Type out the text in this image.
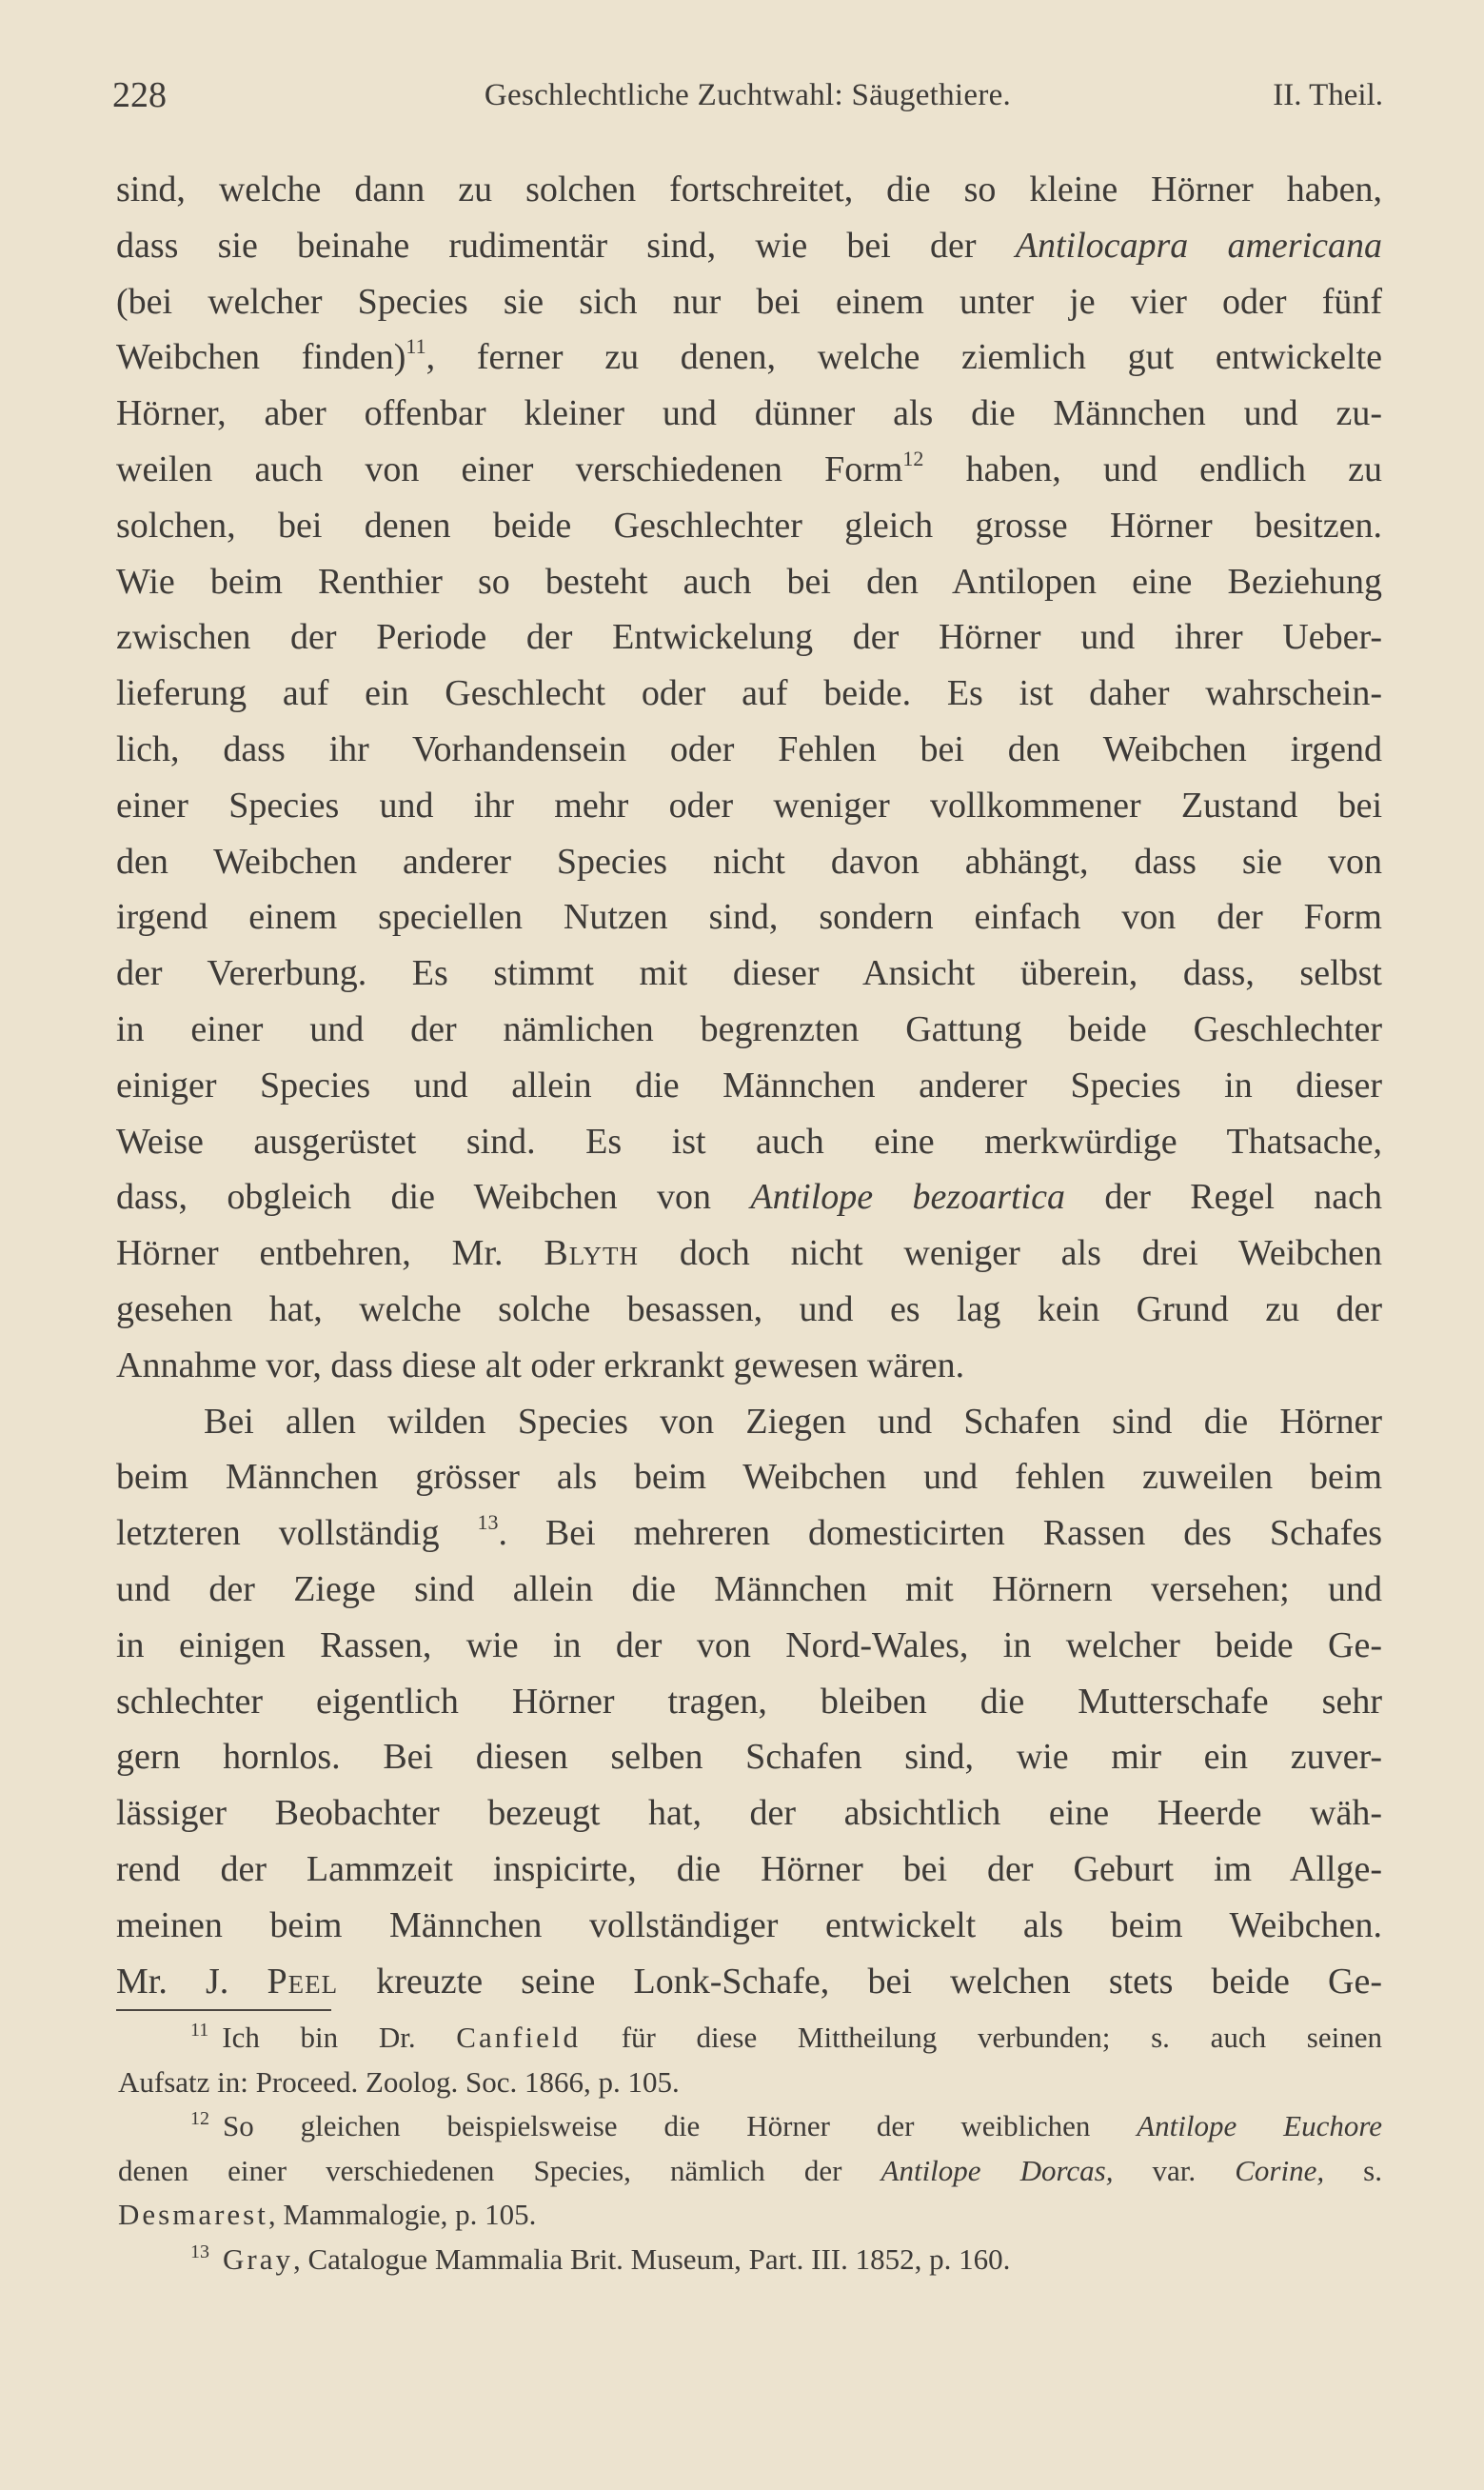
228	Geschlechtliche Zuchtwahl: Säugethiere.	II. Theil.
sind, welche dann zu solchen fortschreitet, die so kleine Hörner haben,
dass sie beinahe rudimentär sind, wie bei der Antilocapra americana
(bei welcher Species sie sich nur bei einem unter je vier oder fünf
Weibchen finden)$^{11}$, ferner zu denen, welche ziemlich gut entwickelte
Hörner, aber offenbar kleiner und dünner als die Männchen und zu-
weilen auch von einer verschiedenen Form$^{12}$ haben, und endlich zu
solchen, bei denen beide Geschlechter gleich grosse Hörner besitzen.
Wie beim Renthier so besteht auch bei den Antilopen eine Beziehung
zwischen der Periode der Entwickelung der Hörner und ihrer Ueber-
lieferung auf ein Geschlecht oder auf beide. Es ist daher wahrschein-
lich, dass ihr Vorhandensein oder Fehlen bei den Weibchen irgend
einer Species und ihr mehr oder weniger vollkommener Zustand bei
den Weibchen anderer Species nicht davon abhängt, dass sie von
irgend einem speciellen Nutzen sind, sondern einfach von der Form
der Vererbung. Es stimmt mit dieser Ansicht überein, dass, selbst
in einer und der nämlichen begrenzten Gattung beide Geschlechter
einiger Species und allein die Männchen anderer Species in dieser
Weise ausgerüstet sind. Es ist auch eine merkwürdige Thatsache,
dass, obgleich die Weibchen von Antilope bezoartica der Regel nach
Hörner entbehren, Mr. Blyth doch nicht weniger als drei Weibchen
gesehen hat, welche solche besassen, und es lag kein Grund zu der
Annahme vor, dass diese alt oder erkrankt gewesen wären.
Bei allen wilden Species von Ziegen und Schafen sind die Hörner
beim Männchen grösser als beim Weibchen und fehlen zuweilen beim
letzteren vollständig $^{13}$. Bei mehreren domesticirten Rassen des Schafes
und der Ziege sind allein die Männchen mit Hörnern versehen; und
in einigen Rassen, wie in der von Nord-Wales, in welcher beide Ge-
schlechter eigentlich Hörner tragen, bleiben die Mutterschafe sehr
gern hornlos. Bei diesen selben Schafen sind, wie mir ein zuver-
lässiger Beobachter bezeugt hat, der absichtlich eine Heerde wäh-
rend der Lammzeit inspicirte, die Hörner bei der Geburt im Allge-
meinen beim Männchen vollständiger entwickelt als beim Weibchen.
Mr. J. Peel kreuzte seine Lonk-Schafe, bei welchen stets beide Ge-
$^{11}$ Ich bin Dr. Canfield für diese Mittheilung verbunden; s. auch seinen
Aufsatz in: Proceed. Zoolog. Soc. 1866, p. 105.
$^{12}$ So gleichen beispielsweise die Hörner der weiblichen Antilope Euchore
denen einer verschiedenen Species, nämlich der Antilope Dorcas, var. Corine, s.
Desmarest, Mammalogie, p. 105.
$^{13}$ Gray, Catalogue Mammalia Brit. Museum, Part. III. 1852, p. 160.
